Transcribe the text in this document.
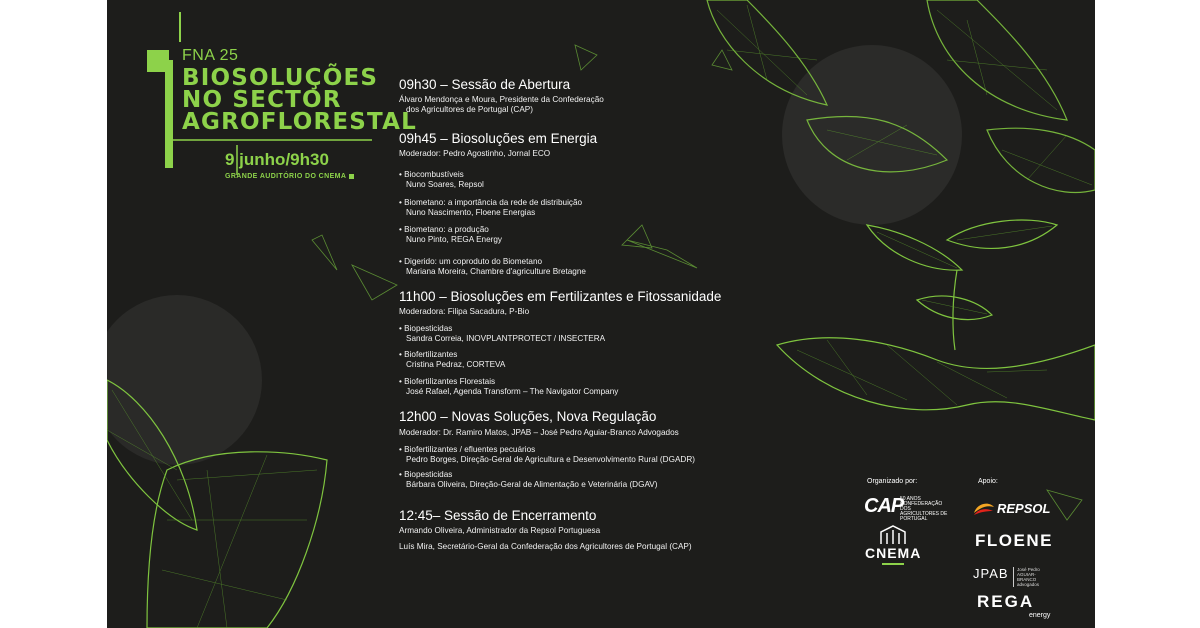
FNA 25
BIOSOLUÇÕES
NO SECTOR
AGROFLORESTAL
9 junho/9h30
GRANDE AUDITÓRIO DO CNEMA
09h30 – Sessão de Abertura
Álvaro Mendonça e Moura, Presidente da Confederação
dos Agricultores de Portugal (CAP)
09h45 – Biosoluções em Energia
Moderador: Pedro Agostinho, Jornal ECO
• Biocombustíveis
Nuno Soares, Repsol
• Biometano: a importância da rede de distribuição
Nuno Nascimento, Floene Energias
• Biometano: a produção
Nuno Pinto, REGA Energy
• Digerido: um coproduto do Biometano
Mariana Moreira, Chambre d'agriculture Bretagne
11h00 – Biosoluções em Fertilizantes e Fitossanidade
Moderadora: Filipa Sacadura, P-Bio
• Biopesticidas
Sandra Correia, INOVPLANTPROTECT / INSECTERA
• Biofertilizantes
Cristina Pedraz, CORTEVA
• Biofertilizantes Florestais
José Rafael, Agenda Transform – The Navigator Company
12h00 – Novas Soluções, Nova Regulação
Moderador: Dr. Ramiro Matos, JPAB – José Pedro Aguiar-Branco Advogados
• Biofertilizantes / efluentes pecuários
Pedro Borges, Direção-Geral de Agricultura e Desenvolvimento Rural (DGADR)
• Biopesticidas
Bárbara Oliveira, Direção-Geral de Alimentação e Veterinária (DGAV)
12:45– Sessão de Encerramento
Armando Oliveira, Administrador da Repsol Portuguesa
Luís Mira, Secretário-Geral da Confederação dos Agricultores de Portugal (CAP)
Organizado por:	Apoio:
CAP
50 ANOS CONFEDERAÇÃO DOS AGRICULTORES DE PORTUGAL
CNEMA
REPSOL
FLOENE
JPAB	José Pedro AGUIAR-BRANCO advogados
REGA
energy
